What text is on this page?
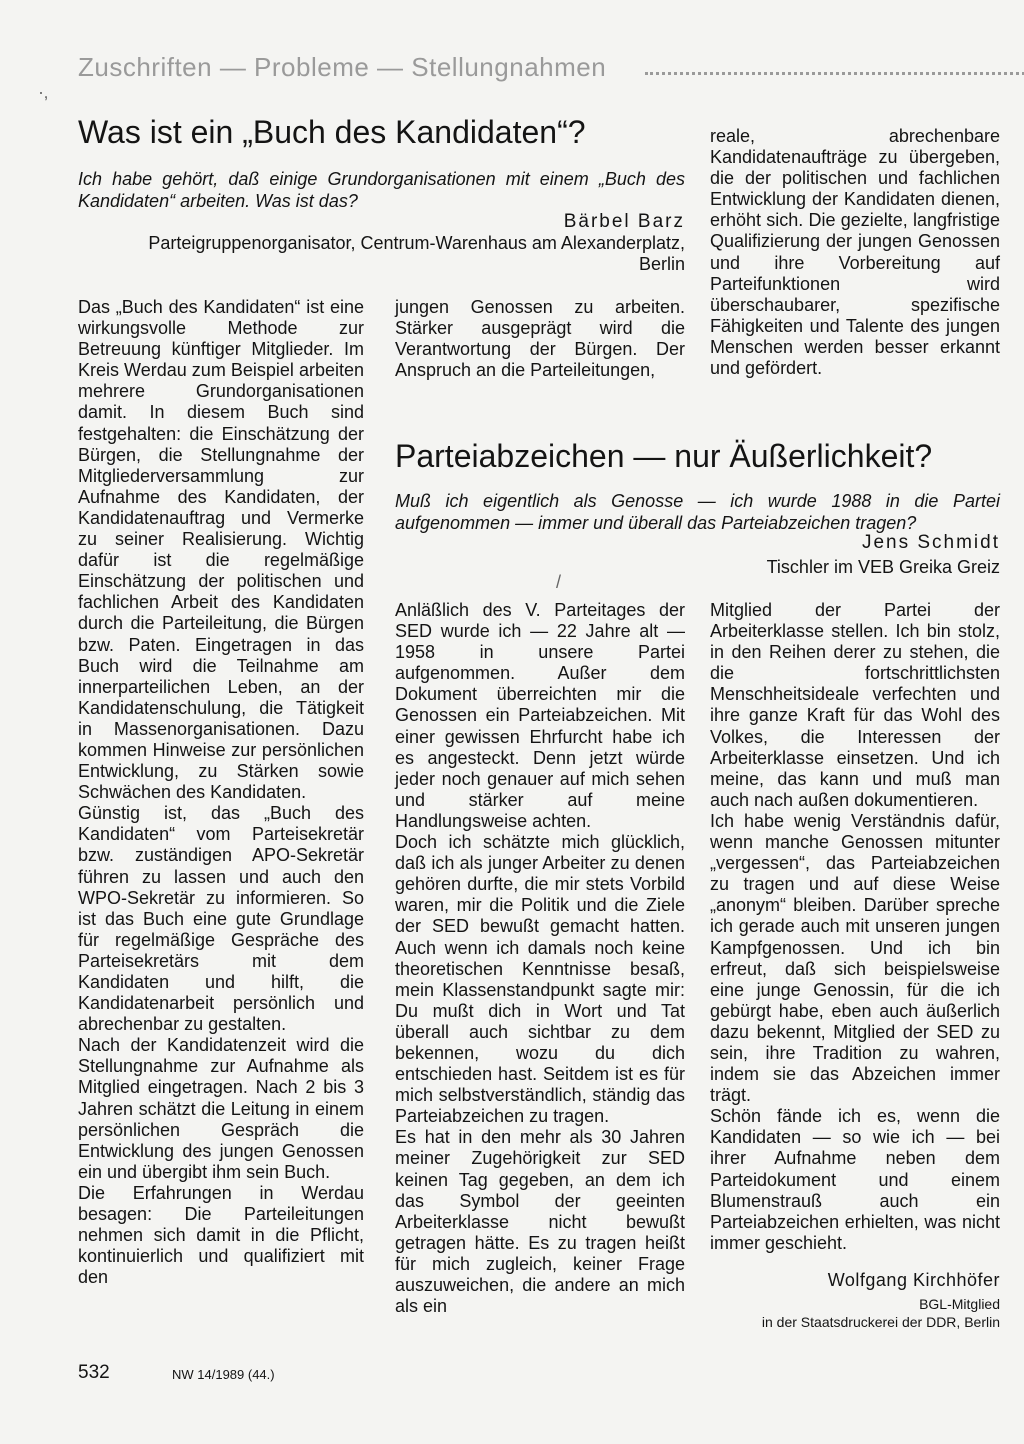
Zuschriften — Probleme — Stellungnahmen
·‚
Was ist ein „Buch des Kandidaten“?
Ich habe gehört, daß einige Grundorganisationen mit einem „Buch des Kandidaten“ arbeiten. Was ist das?
Bärbel Barz
Parteigruppenorganisator, Centrum-Warenhaus am Alexanderplatz,
Berlin

Das „Buch des Kandidaten“ ist eine wirkungsvolle Methode zur Betreuung künftiger Mitglieder. Im Kreis Werdau zum Beispiel arbeiten mehrere Grundorganisationen damit. In diesem Buch sind festgehalten: die Einschätzung der Bürgen, die Stellungnahme der Mitgliederversammlung zur Aufnahme des Kandidaten, der Kandidatenauftrag und Vermerke zu seiner Realisierung. Wichtig dafür ist die regelmäßige Einschätzung der politischen und fachlichen Arbeit des Kandidaten durch die Parteileitung, die Bürgen bzw. Paten. Eingetragen in das Buch wird die Teilnahme am innerparteilichen Leben, an der Kandidatenschulung, die Tätigkeit in Massenorganisationen. Dazu kommen Hinweise zur persönlichen Entwicklung, zu Stärken sowie Schwächen des Kandidaten.

Günstig ist, das „Buch des Kandidaten“ vom Parteisekretär bzw. zuständigen APO-Sekretär führen zu lassen und auch den WPO-Sekretär zu informieren. So ist das Buch eine gute Grundlage für regelmäßige Gespräche des Parteisekretärs mit dem Kandidaten und hilft, die Kandidatenarbeit persönlich und abrechenbar zu gestalten.

Nach der Kandidatenzeit wird die Stellungnahme zur Aufnahme als Mitglied eingetragen. Nach 2 bis 3 Jahren schätzt die Leitung in einem persönlichen Gespräch die Entwicklung des jungen Genossen ein und übergibt ihm sein Buch.

Die Erfahrungen in Werdau besagen: Die Parteileitungen nehmen sich damit in die Pflicht, kontinuierlich und qualifiziert mit den

jungen Genossen zu arbeiten. Stärker ausgeprägt wird die Verantwortung der Bürgen. Der Anspruch an die Parteileitungen,

reale, abrechenbare Kandidatenaufträge zu übergeben, die der politischen und fachlichen Entwicklung der Kandidaten dienen, erhöht sich. Die gezielte, langfristige Qualifizierung der jungen Genossen und ihre Vorbereitung auf Parteifunktionen wird überschaubarer, spezifische Fähigkeiten und Talente des jungen Menschen werden besser erkannt und gefördert.

Parteiabzeichen — nur Äußerlichkeit?
Muß ich eigentlich als Genosse — ich wurde 1988 in die Partei aufgenommen — immer und überall das Parteiabzeichen tragen?
Jens Schmidt
Tischler im VEB Greika Greiz
/

Anläßlich des V. Parteitages der SED wurde ich — 22 Jahre alt — 1958 in unsere Partei aufgenommen. Außer dem Dokument überreichten mir die Genossen ein Parteiabzeichen. Mit einer gewissen Ehrfurcht habe ich es angesteckt. Denn jetzt würde jeder noch genauer auf mich sehen und stärker auf meine Handlungsweise achten.

Doch ich schätzte mich glücklich, daß ich als junger Arbeiter zu denen gehören durfte, die mir stets Vorbild waren, mir die Politik und die Ziele der SED bewußt gemacht hatten. Auch wenn ich damals noch keine theoretischen Kenntnisse besaß, mein Klassenstandpunkt sagte mir: Du mußt dich in Wort und Tat überall auch sichtbar zu dem bekennen, wozu du dich entschieden hast. Seitdem ist es für mich selbstverständlich, ständig das Parteiabzeichen zu tragen.

Es hat in den mehr als 30 Jahren meiner Zugehörigkeit zur SED keinen Tag gegeben, an dem ich das Symbol der geeinten Arbeiterklasse nicht bewußt getragen hätte. Es zu tragen heißt für mich zugleich, keiner Frage auszuweichen, die andere an mich als ein

Mitglied der Partei der Arbeiterklasse stellen. Ich bin stolz, in den Reihen derer zu stehen, die die fortschrittlichsten Menschheitsideale verfechten und ihre ganze Kraft für das Wohl des Volkes, die Interessen der Arbeiterklasse einsetzen. Und ich meine, das kann und muß man auch nach außen dokumentieren.

Ich habe wenig Verständnis dafür, wenn manche Genossen mitunter „vergessen“, das Parteiabzeichen zu tragen und auf diese Weise „anonym“ bleiben. Darüber spreche ich gerade auch mit unseren jungen Kampfgenossen. Und ich bin erfreut, daß sich beispielsweise eine junge Genossin, für die ich gebürgt habe, eben auch äußerlich dazu bekennt, Mitglied der SED zu sein, ihre Tradition zu wahren, indem sie das Abzeichen immer trägt.

Schön fände ich es, wenn die Kandidaten — so wie ich — bei ihrer Aufnahme neben dem Parteidokument und einem Blumenstrauß auch ein Parteiabzeichen erhielten, was nicht immer geschieht.

Wolfgang Kirchhöfer
BGL-Mitglied
in der Staatsdruckerei der DDR, Berlin
532	NW 14/1989 (44.)
